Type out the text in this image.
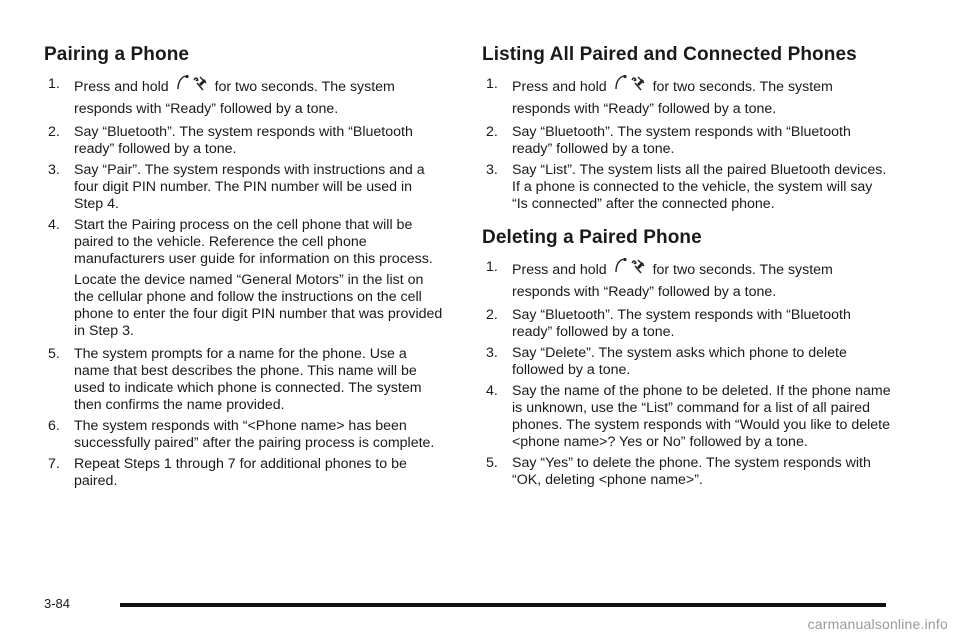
Pairing a Phone
1. Press and hold	for two seconds. The system responds with “Ready” followed by a tone.
2. Say “Bluetooth”. The system responds with “Bluetooth ready” followed by a tone.
3. Say “Pair”. The system responds with instructions and a four digit PIN number. The PIN number will be used in Step 4.
4. Start the Pairing process on the cell phone that will be paired to the vehicle. Reference the cell phone manufacturers user guide for information on this process.

Locate the device named “General Motors” in the list on the cellular phone and follow the instructions on the cell phone to enter the four digit PIN number that was provided in Step 3.

5. The system prompts for a name for the phone. Use a name that best describes the phone. This name will be used to indicate which phone is connected. The system then confirms the name provided.
6. The system responds with “<Phone name> has been successfully paired” after the pairing process is complete.
7. Repeat Steps 1 through 7 for additional phones to be paired.
Listing All Paired and Connected Phones
1. Press and hold	for two seconds. The system responds with “Ready” followed by a tone.
2. Say “Bluetooth”. The system responds with “Bluetooth ready” followed by a tone.
3. Say “List”. The system lists all the paired Bluetooth devices. If a phone is connected to the vehicle, the system will say “Is connected” after the connected phone.
Deleting a Paired Phone
1. Press and hold	for two seconds. The system responds with “Ready” followed by a tone.
2. Say “Bluetooth”. The system responds with “Bluetooth ready” followed by a tone.
3. Say “Delete”. The system asks which phone to delete followed by a tone.
4. Say the name of the phone to be deleted. If the phone name is unknown, use the “List” command for a list of all paired phones. The system responds with “Would you like to delete <phone name>? Yes or No” followed by a tone.
5. Say “Yes” to delete the phone. The system responds with “OK, deleting <phone name>”.
3-84
carmanualsonline.info
